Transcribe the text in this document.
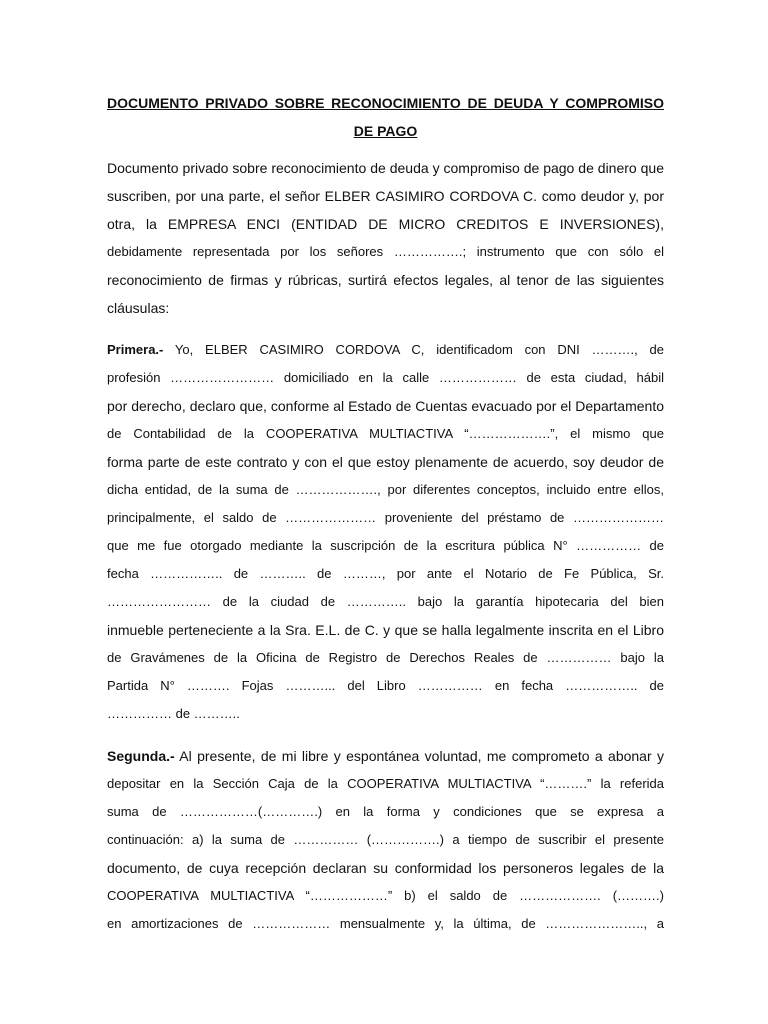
DOCUMENTO PRIVADO SOBRE RECONOCIMIENTO DE DEUDA Y COMPROMISO
DE PAGO
Documento privado sobre reconocimiento de deuda y compromiso de pago de dinero que
suscriben, por una parte, el señor ELBER CASIMIRO CORDOVA C. como deudor y, por
otra, la EMPRESA ENCI (ENTIDAD DE MICRO CREDITOS E INVERSIONES),
debidamente representada por los señores …………….; instrumento que con sólo el
reconocimiento de firmas y rúbricas, surtirá efectos legales, al tenor de las siguientes
cláusulas:
Primera.- Yo, ELBER CASIMIRO CORDOVA C, identificadom con DNI ………., de
profesión …………………… domiciliado en la calle ……………… de esta ciudad, hábil
por derecho, declaro que, conforme al Estado de Cuentas evacuado por el Departamento
de Contabilidad de la COOPERATIVA MULTIACTIVA “……………….”, el mismo que
forma parte de este contrato y con el que estoy plenamente de acuerdo, soy deudor de
dicha entidad, de la suma de ………………., por diferentes conceptos, incluido entre ellos,
principalmente, el saldo de ………………… proveniente del préstamo de …………………
que me fue otorgado mediante la suscripción de la escritura pública N° …………… de
fecha …………….. de ……….. de ………, por ante el Notario de Fe Pública, Sr.
…………………… de la ciudad de ………….. bajo la garantía hipotecaria del bien
inmueble perteneciente a la Sra. E.L. de C. y que se halla legalmente inscrita en el Libro
de Gravámenes de la Oficina de Registro de Derechos Reales de …………… bajo la
Partida N° ………. Fojas ………... del Libro …………… en fecha …………….. de
…………… de ………..
Segunda.- Al presente, de mi libre y espontánea voluntad, me comprometo a abonar y
depositar en la Sección Caja de la COOPERATIVA MULTIACTIVA “……….” la referida
suma de ………………(………….) en la forma y condiciones que se expresa a
continuación: a) la suma de …………… (…………….) a tiempo de suscribir el presente
documento, de cuya recepción declaran su conformidad los personeros legales de la
COOPERATIVA MULTIACTIVA “………………” b) el saldo de ………………. (……….)
en amortizaciones de ……………… mensualmente y, la última, de ………………….., a
